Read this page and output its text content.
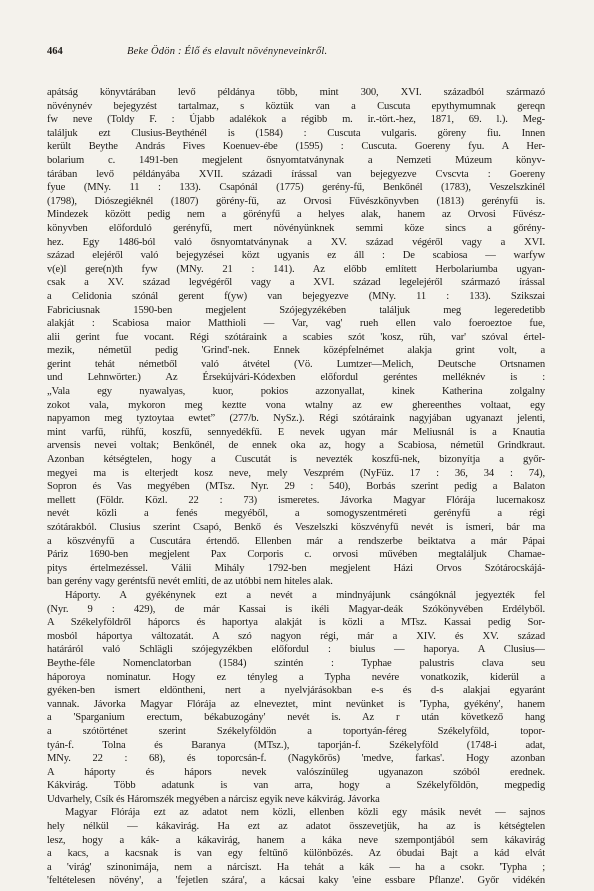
464	Beke Ödön : Élő és elavult növényneveinkről.
apátság könyvtárában levő példánya több, mint 300, XVI. századból származó
növénynév bejegyzést tartalmaz, s köztük van a Cuscuta epythymumnak gereqn
fw neve (Toldy F. : Újabb adalékok a régibb m. ir.-tört.-hez, 1871, 69. l.). Meg-
találjuk ezt Clusius-Beythénél is (1584) : Cuscuta vulgaris. göreny fiu. Innen
került Beythe András Fives Koenuev-ébe (1595) : Cuscuta. Goereny fyu. A Her-
bolarium c. 1491-ben megjelent ősnyomtatványnak a Nemzeti Múzeum könyv-
tárában levő példányába XVII. századi írással van bejegyezve Cvscvta : Goereny
fyue (MNy. 11 : 133). Csapónál (1775) gerény-fű, Benkőnél (1783), Veszelszkinél
(1798), Diószegiéknél (1807) görény-fű, az Orvosi Fűvészkönyvben (1813) gerényfű is.
Mindezek között pedig nem a görényfű a helyes alak, hanem az Orvosi Fűvész-
könyvben előforduló gerényfű, mert növényünknek semmi köze sincs a gőrény-
hez. Egy 1486-ból való ősnyomtatványnak a XV. század végéről vagy a XVI.
század elejéről való bejegyzései közt ugyanis ez áll : De scabiosa — warfyw
v(e)l gere(n)th fyw (MNy. 21 : 141). Az előbb említett Herbolariumba ugyan-
csak a XV. század legvégéről vagy a XVI. század legelejéről származó írással
a Celidonia szónál gerent f(yw) van bejegyezve (MNy. 11 : 133). Szikszai
Fabriciusnak 1590-ben megjelent Szójegyzékében találjuk meg legeredetibb
alakját : Scabiosa maior Matthioli — Var, vag' rueh ellen valo foeroeztoe fue,
alii gerint fue vocant. Régi szótáraink a scabies szót 'kosz, rüh, var' szóval értel-
mezik, németül pedig 'Grind'-nek. Ennek középfelnémet alakja grint volt, a
gerint tehát németből való átvétel (Vö. Lumtzer—Melich, Deutsche Ortsnamen
und Lehnwörter.) Az Érsekújvári-Kódexben előfordul geréntes melléknév is :
„Vala egy nyawalyas, kuor, pokios azzonyallat, kinek Katherina zolgalny
zokot vala, mykoron meg keztte vona wtalny az ew ghereenthes voltaat, egy
napyamon meg tyztoytaa ewtet” (277/b. NySz.). Régi szótáraink nagyjában ugyanazt jelenti,
mint varfű, rühfű, koszfű, sennyedékfű. E nevek ugyan már Meliusnál is a Knautia
arvensis nevei voltak; Benkőnél, de ennek oka az, hogy a Scabiosa, németül Grindkraut.
Azonban kétségtelen, hogy a Cuscutát is nevezték koszfű-nek, bizonyítja a győr-
megyei ma is elterjedt kosz neve, mely Veszprém (NyFüz. 17 : 36, 34 : 74),
Sopron és Vas megyében (MTsz. Nyr. 29 : 540), Borbás szerint pedig a Balaton
mellett (Földr. Közl. 22 : 73) ismeretes. Jávorka Magyar Flórája lucernakosz
nevét közli a fenés megyéből, a somogyszentméreti gerényfű a régi
szótárakból. Clusius szerint Csapó, Benkő és Veszelszki köszvényfű nevét is ismeri, bár ma
a köszvényfű a Cuscutára értendő. Ellenben már a rendszerbe beiktatva a már Pápai
Páriz 1690-ben megjelent Pax Corporis c. orvosi művében megtaláljuk Chamae-
pitys értelmezéssel. Válii Mihály 1792-ben megjelent Házi Orvos Szótárocskájá-
ban gerény vagy geréntsfű nevét említi, de az utóbbi nem hiteles alak.
Háporty. A gyékénynek ezt a nevét a mindnyájunk csángóknál jegyezték fel
(Nyr. 9 : 429), de már Kassai is ikéli Magyar-deák Szókönyvében Erdélyből.
A Székelyföldről háporcs és haportya alakját is közli a MTsz. Kassai pedig Sor-
mosból háportya változatát. A szó nagyon régi, már a XIV. és XV. század
határáról való Schlägli szójegyzékben előfordul : biulus — haporya. A Clusius—
Beythe-féle Nomenclatorban (1584) szintén : Typhae palustris clava seu
háporoya nominatur. Hogy ez tényleg a Typha nevére vonatkozik, kiderül a
gyéken-ben ismert eldöntheni, nert a nyelvjárásokban e-s és d-s alakjai egyaránt
vannak. Jávorka Magyar Flórája az elneveztet, mint nevünket is 'Typha, gyékény', hanem
a 'Sparganium erectum, békabuzogány' nevét is. Az r után következő hang
a szótörténet szerint Székelyföldön a toportyán-féreg Székelyföld, topor-
tyán-f. Tolna és Baranya (MTsz.), taporján-f. Székelyföld (1748-i adat,
MNy. 22 : 68), és toporcsán-f. (Nagykőrös) 'medve, farkas'. Hogy azonban
A háporty és hápors nevek valószínűleg ugyanazon szóból erednek.
Kákvirág. Több adatunk is van arra, hogy a Székelyföldön, megpedig
Udvarhely, Csík és Háromszék megyében a nárcisz egyik neve kákvirág. Jávorka
Magyar Flórája ezt az adatot nem közli, ellenben közli egy másik nevét — sajnos
hely nélkül — kákavirág. Ha ezt az adatot összevetjük, ha az is kétségtelen
lesz, hogy a kák- a kákavirág, hanem a káka neve szempontjából sem kákavirág
a kacs, a kacsnak is van egy feltűnő különbözés. Az óbudai Bajt a kád elvát
a 'virág' szinonimája, nem a nárciszt. Ha tehát a kák — ha a csokr. 'Typha ;
'feltételesen növény', a 'fejetlen szára', a kácsai kaky 'eine essbare Pflanze'. Győr vidékén
